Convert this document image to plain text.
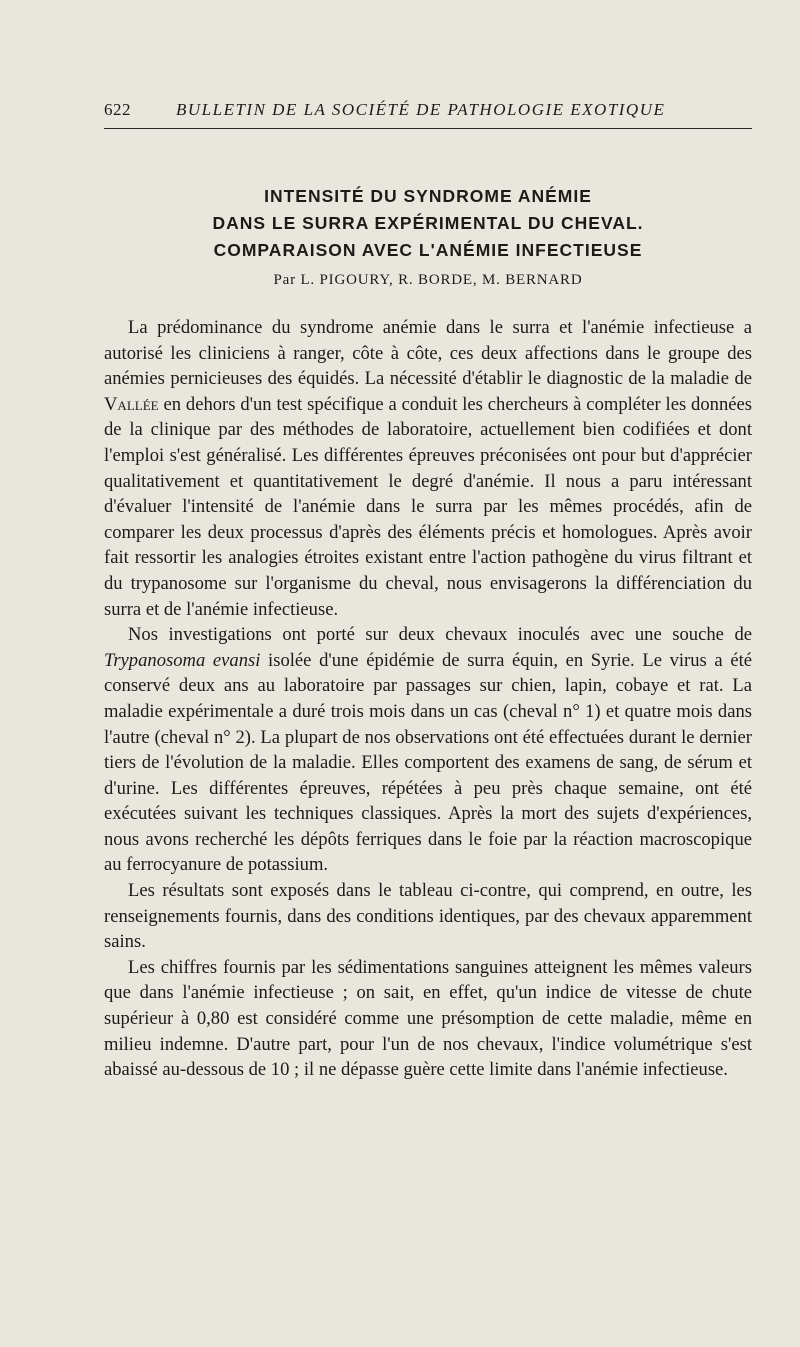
622	BULLETIN DE LA SOCIÉTÉ DE PATHOLOGIE EXOTIQUE
INTENSITÉ DU SYNDROME ANÉMIE
DANS LE SURRA EXPÉRIMENTAL DU CHEVAL.
COMPARAISON AVEC L'ANÉMIE INFECTIEUSE
Par L. PIGOURY, R. BORDE, M. BERNARD

La prédominance du syndrome anémie dans le surra et l'anémie infectieuse a autorisé les cliniciens à ranger, côte à côte, ces deux affections dans le groupe des anémies pernicieuses des équidés. La nécessité d'établir le diagnostic de la maladie de Vallée en dehors d'un test spécifique a conduit les chercheurs à compléter les données de la clinique par des méthodes de laboratoire, actuellement bien codifiées et dont l'emploi s'est généralisé. Les différentes épreuves préconisées ont pour but d'apprécier qualitativement et quantitativement le degré d'anémie. Il nous a paru intéressant d'évaluer l'intensité de l'anémie dans le surra par les mêmes procédés, afin de comparer les deux processus d'après des éléments précis et homologues. Après avoir fait ressortir les analogies étroites existant entre l'action pathogène du virus filtrant et du trypanosome sur l'organisme du cheval, nous envisagerons la différenciation du surra et de l'anémie infectieuse.

Nos investigations ont porté sur deux chevaux inoculés avec une souche de Trypanosoma evansi isolée d'une épidémie de surra équin, en Syrie. Le virus a été conservé deux ans au laboratoire par passages sur chien, lapin, cobaye et rat. La maladie expérimentale a duré trois mois dans un cas (cheval n° 1) et quatre mois dans l'autre (cheval n° 2). La plupart de nos observations ont été effectuées durant le dernier tiers de l'évolution de la maladie. Elles comportent des examens de sang, de sérum et d'urine. Les différentes épreuves, répétées à peu près chaque semaine, ont été exécutées suivant les techniques classiques. Après la mort des sujets d'expériences, nous avons recherché les dépôts ferriques dans le foie par la réaction macroscopique au ferrocyanure de potassium.

Les résultats sont exposés dans le tableau ci-contre, qui comprend, en outre, les renseignements fournis, dans des conditions identiques, par des chevaux apparemment sains.

Les chiffres fournis par les sédimentations sanguines atteignent les mêmes valeurs que dans l'anémie infectieuse ; on sait, en effet, qu'un indice de vitesse de chute supérieur à 0,80 est considéré comme une présomption de cette maladie, même en milieu indemne. D'autre part, pour l'un de nos chevaux, l'indice volumétrique s'est abaissé au-dessous de 10 ; il ne dépasse guère cette limite dans l'anémie infectieuse.
